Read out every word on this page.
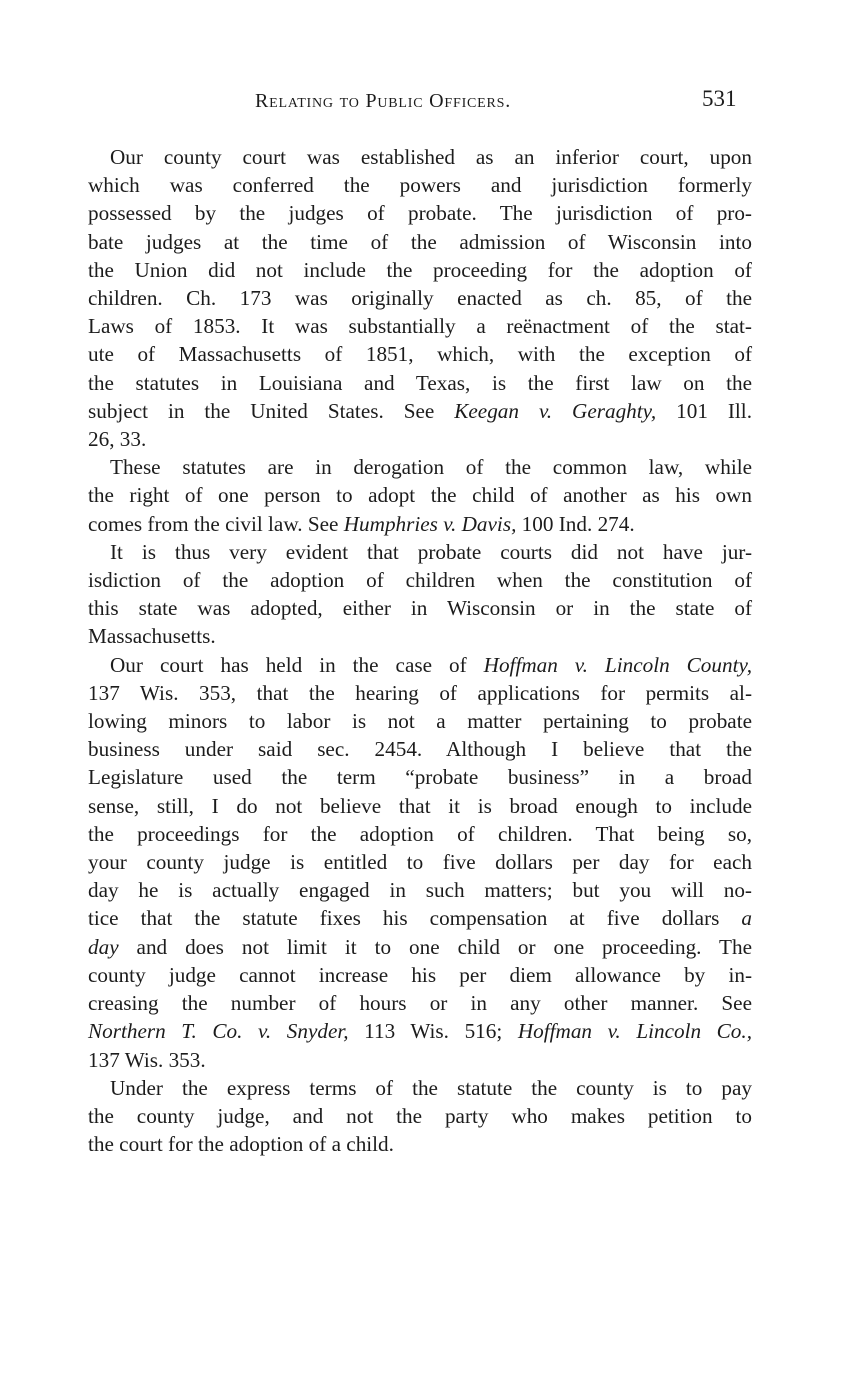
Relating to Public Officers.	531
Our county court was established as an inferior court, upon
which was conferred the powers and jurisdiction formerly
possessed by the judges of probate. The jurisdiction of pro-
bate judges at the time of the admission of Wisconsin into
the Union did not include the proceeding for the adoption of
children. Ch. 173 was originally enacted as ch. 85, of the
Laws of 1853. It was substantially a reënactment of the stat-
ute of Massachusetts of 1851, which, with the exception of
the statutes in Louisiana and Texas, is the first law on the
subject in the United States. See Keegan v. Geraghty, 101 Ill.
26, 33.
These statutes are in derogation of the common law, while
the right of one person to adopt the child of another as his own
comes from the civil law. See Humphries v. Davis, 100 Ind. 274.
It is thus very evident that probate courts did not have jur-
isdiction of the adoption of children when the constitution of
this state was adopted, either in Wisconsin or in the state of
Massachusetts.
Our court has held in the case of Hoffman v. Lincoln County,
137 Wis. 353, that the hearing of applications for permits al-
lowing minors to labor is not a matter pertaining to probate
business under said sec. 2454. Although I believe that the
Legislature used the term “probate business” in a broad
sense, still, I do not believe that it is broad enough to include
the proceedings for the adoption of children. That being so,
your county judge is entitled to five dollars per day for each
day he is actually engaged in such matters; but you will no-
tice that the statute fixes his compensation at five dollars a
day and does not limit it to one child or one proceeding. The
county judge cannot increase his per diem allowance by in-
creasing the number of hours or in any other manner. See
Northern T. Co. v. Snyder, 113 Wis. 516; Hoffman v. Lincoln Co.,
137 Wis. 353.
Under the express terms of the statute the county is to pay
the county judge, and not the party who makes petition to
the court for the adoption of a child.
